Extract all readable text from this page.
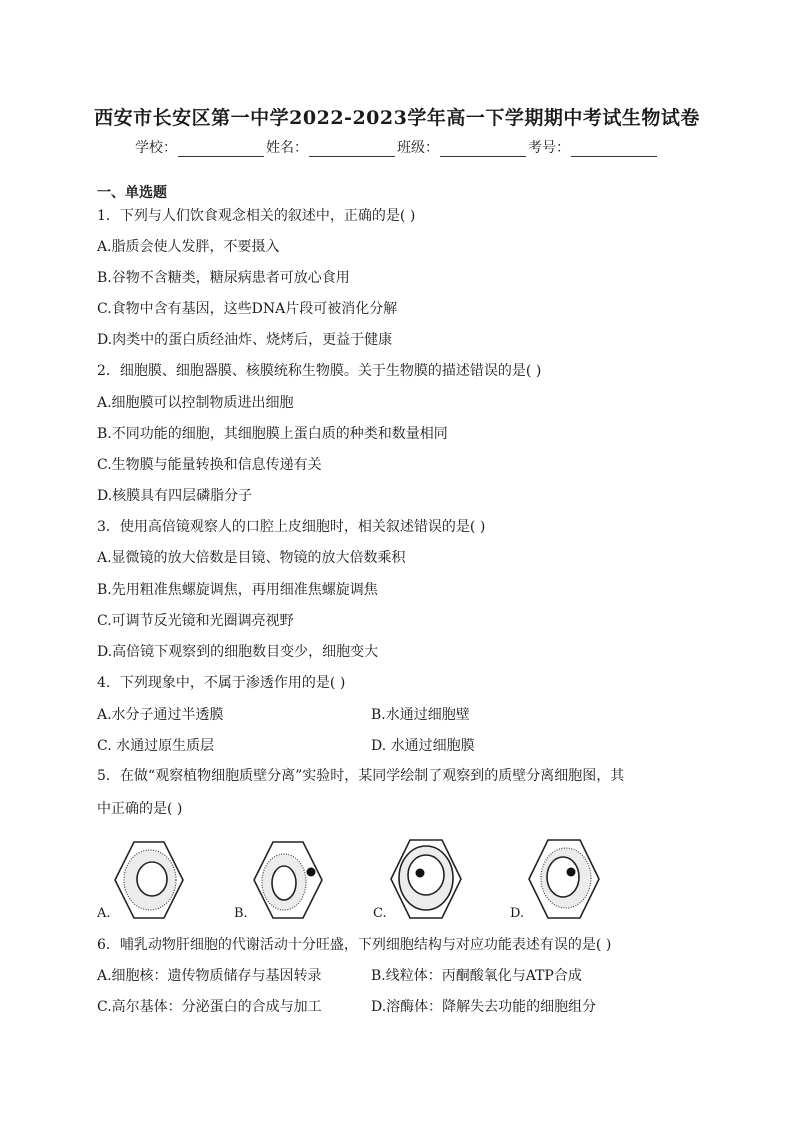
西安市长安区第一中学2022-2023学年高一下学期期中考试生物试卷
学校：	姓名：	班级：	考号：
一、单选题
1．下列与人们饮食观念相关的叙述中，正确的是( )
A.脂质会使人发胖，不要摄入
B.谷物不含糖类，糖尿病患者可放心食用
C.食物中含有基因，这些DNA片段可被消化分解
D.肉类中的蛋白质经油炸、烧烤后，更益于健康
2．细胞膜、细胞器膜、核膜统称生物膜。关于生物膜的描述错误的是( )
A.细胞膜可以控制物质进出细胞
B.不同功能的细胞，其细胞膜上蛋白质的种类和数量相同
C.生物膜与能量转换和信息传递有关
D.核膜具有四层磷脂分子
3．使用高倍镜观察人的口腔上皮细胞时，相关叙述错误的是( )
A.显微镜的放大倍数是目镜、物镜的放大倍数乘积
B.先用粗准焦螺旋调焦，再用细准焦螺旋调焦
C.可调节反光镜和光圈调亮视野
D.高倍镜下观察到的细胞数目变少，细胞变大
4．下列现象中，不属于渗透作用的是( )
A.水分子通过半透膜	B.水通过细胞壁
C. 水通过原生质层	D. 水通过细胞膜
5．在做“观察植物细胞质壁分离”实验时，某同学绘制了观察到的质壁分离细胞图，其
中正确的是( )
A.	B.	C.	D.
6．哺乳动物肝细胞的代谢活动十分旺盛，下列细胞结构与对应功能表述有误的是( )
A.细胞核：遗传物质储存与基因转录	B.线粒体：丙酮酸氧化与ATP合成
C.高尔基体：分泌蛋白的合成与加工	D.溶酶体：降解失去功能的细胞组分
